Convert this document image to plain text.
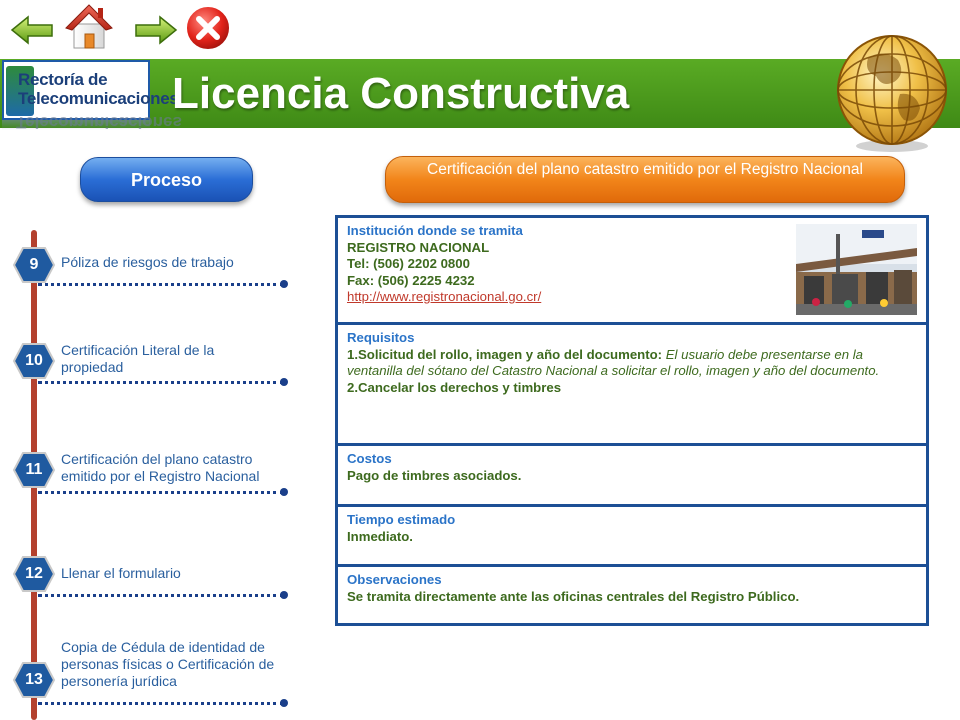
Rectoría de
Telecomunicaciones
Telecomunicaciones
Licencia Constructiva
Proceso
Certificación del plano catastro emitido por el Registro Nacional
9	Póliza de riesgos de trabajo
10
Certificación Literal de la propiedad
11
Certificación del plano catastro emitido por el Registro Nacional
12	Llenar el formulario
13
Copia de Cédula de identidad de personas físicas o Certificación de personería jurídica
Institución donde se tramita
REGISTRO NACIONAL
Tel: (506) 2202 0800
Fax: (506) 2225 4232
http://www.registronacional.go.cr/
Requisitos
1.Solicitud del rollo, imagen y año del documento: El usuario debe presentarse en la ventanilla del sótano del Catastro Nacional a solicitar el rollo, imagen y año del documento.
2.Cancelar los derechos y timbres
Costos
Pago de timbres asociados.
Tiempo estimado
Inmediato.
Observaciones
Se tramita directamente ante las oficinas centrales del Registro Público.
